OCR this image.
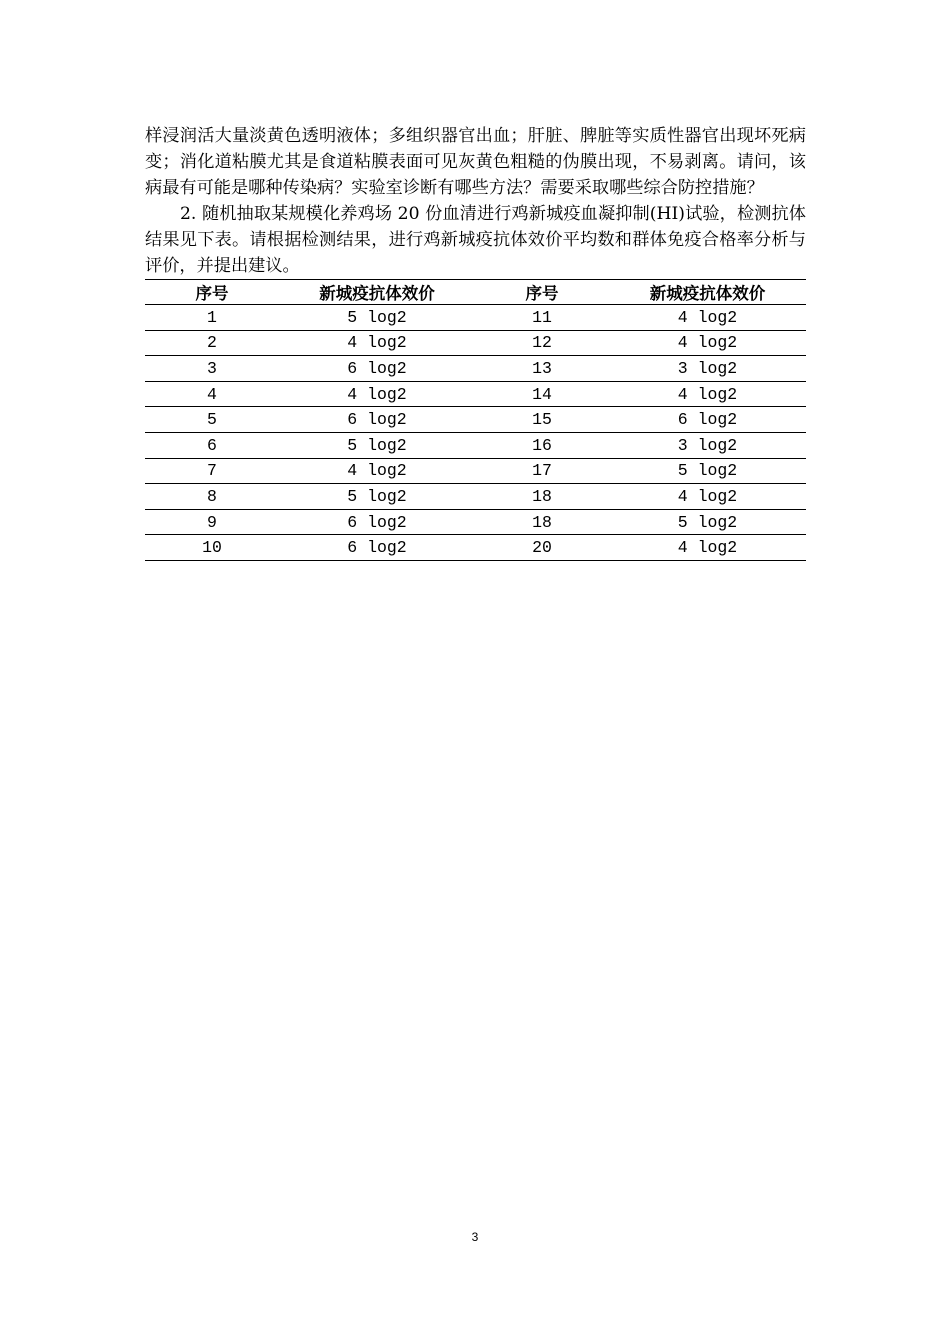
样浸润活大量淡黄色透明液体；多组织器官出血；肝脏、脾脏等实质性器官出现坏死病变；消化道粘膜尤其是食道粘膜表面可见灰黄色粗糙的伪膜出现，不易剥离。请问，该病最有可能是哪种传染病？实验室诊断有哪些方法？需要采取哪些综合防控措施？

2. 随机抽取某规模化养鸡场 20 份血清进行鸡新城疫血凝抑制(HI)试验，检测抗体结果见下表。请根据检测结果，进行鸡新城疫抗体效价平均数和群体免疫合格率分析与评价，并提出建议。

序号	新城疫抗体效价	序号	新城疫抗体效价
1	5 log2	11	4 log2
2	4 log2	12	4 log2
3	6 log2	13	3 log2
4	4 log2	14	4 log2
5	6 log2	15	6 log2
6	5 log2	16	3 log2
7	4 log2	17	5 log2
8	5 log2	18	4 log2
9	6 log2	18	5 log2
10	6 log2	20	4 log2
3
